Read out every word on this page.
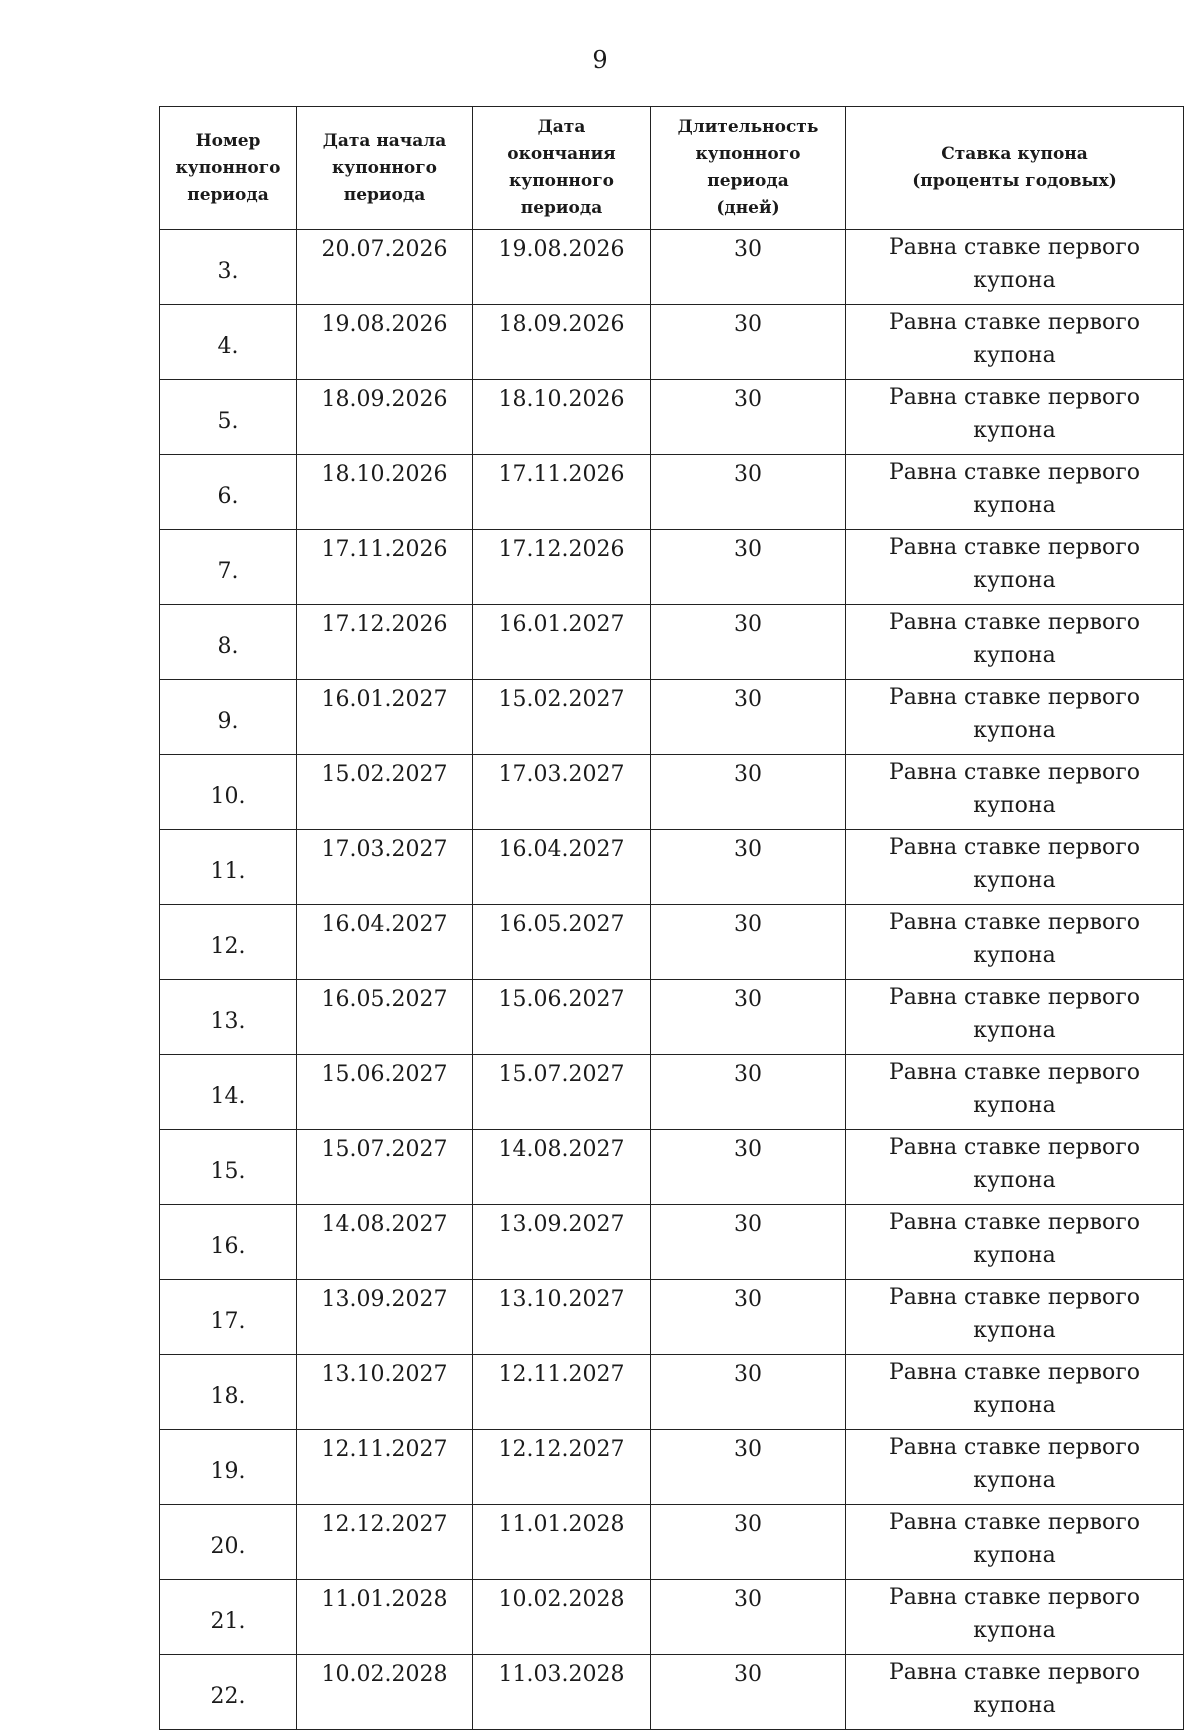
9
Номер
купонного
периода	Дата начала
купонного
периода	Дата
окончания
купонного
периода	Длительность
купонного
периода
(дней)	Ставка купона
(проценты годовых)
3.	20.07.2026	19.08.2026	30	Равна ставке первого
купона

4.	19.08.2026	18.09.2026	30	Равна ставке первого
купона

5.	18.09.2026	18.10.2026	30	Равна ставке первого
купона

6.	18.10.2026	17.11.2026	30	Равна ставке первого
купона

7.	17.11.2026	17.12.2026	30	Равна ставке первого
купона

8.	17.12.2026	16.01.2027	30	Равна ставке первого
купона

9.	16.01.2027	15.02.2027	30	Равна ставке первого
купона

10.	15.02.2027	17.03.2027	30	Равна ставке первого
купона

11.	17.03.2027	16.04.2027	30	Равна ставке первого
купона

12.	16.04.2027	16.05.2027	30	Равна ставке первого
купона

13.	16.05.2027	15.06.2027	30	Равна ставке первого
купона

14.	15.06.2027	15.07.2027	30	Равна ставке первого
купона

15.	15.07.2027	14.08.2027	30	Равна ставке первого
купона

16.	14.08.2027	13.09.2027	30	Равна ставке первого
купона

17.	13.09.2027	13.10.2027	30	Равна ставке первого
купона

18.	13.10.2027	12.11.2027	30	Равна ставке первого
купона

19.	12.11.2027	12.12.2027	30	Равна ставке первого
купона

20.	12.12.2027	11.01.2028	30	Равна ставке первого
купона

21.	11.01.2028	10.02.2028	30	Равна ставке первого
купона

22.	10.02.2028	11.03.2028	30	Равна ставке первого
купона
